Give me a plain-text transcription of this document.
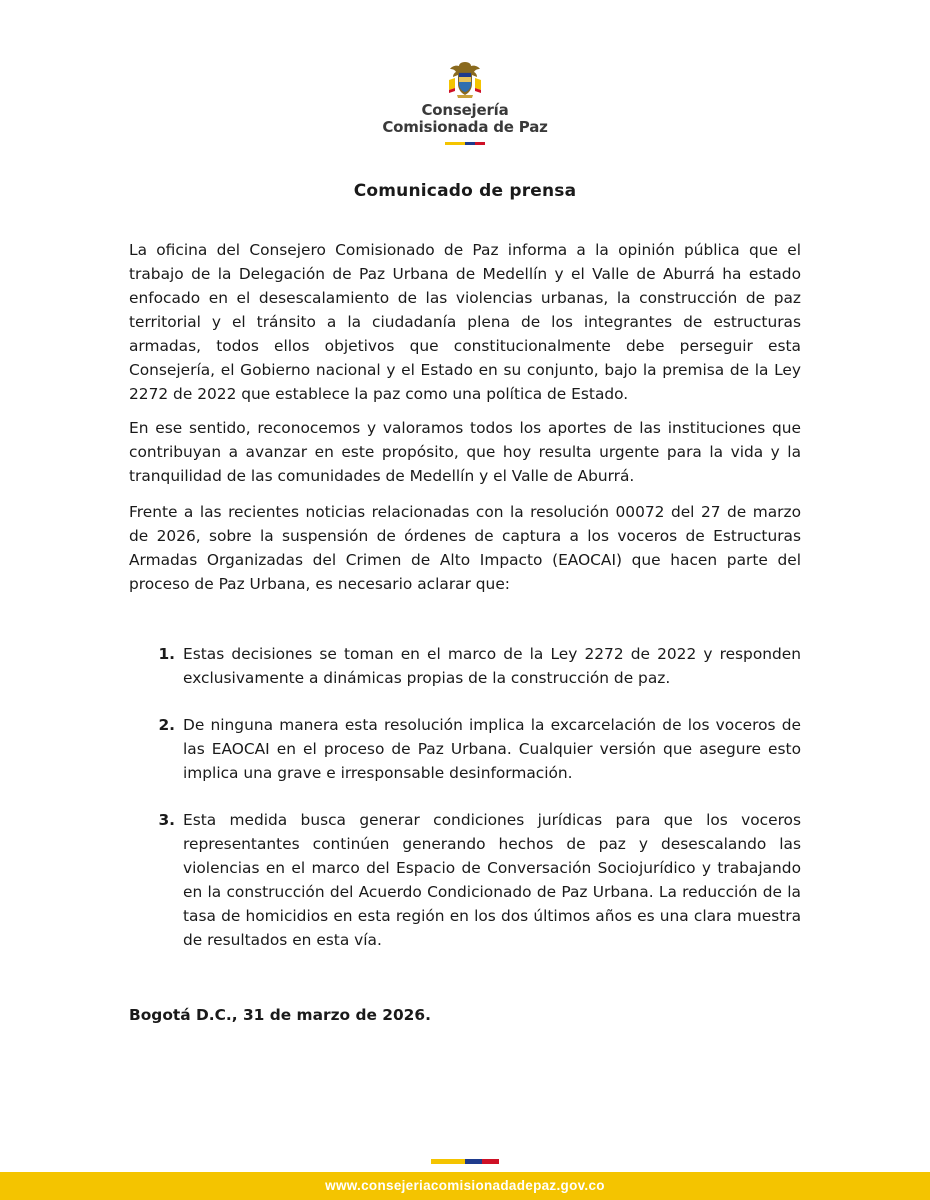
Consejería
Comisionada de Paz
Comunicado de prensa

La oficina del Consejero Comisionado de Paz informa a la opinión pública que el trabajo de la Delegación de Paz Urbana de Medellín y el Valle de Aburrá ha estado enfocado en el desescalamiento de las violencias urbanas, la construcción de paz territorial y el tránsito a la ciudadanía plena de los integrantes de estructuras armadas, todos ellos objetivos que constitucionalmente debe perseguir esta Consejería, el Gobierno nacional y el Estado en su conjunto, bajo la premisa de la Ley 2272 de 2022 que establece la paz como una política de Estado.

En ese sentido, reconocemos y valoramos todos los aportes de las instituciones que contribuyan a avanzar en este propósito, que hoy resulta urgente para la vida y la tranquilidad de las comunidades de Medellín y el Valle de Aburrá.

Frente a las recientes noticias relacionadas con la resolución 00072 del 27 de marzo de 2026, sobre la suspensión de órdenes de captura a los voceros de Estructuras Armadas Organizadas del Crimen de Alto Impacto (EAOCAI) que hacen parte del proceso de Paz Urbana, es necesario aclarar que:

1. Estas decisiones se toman en el marco de la Ley 2272 de 2022 y responden exclusivamente a dinámicas propias de la construcción de paz.
2. De ninguna manera esta resolución implica la excarcelación de los voceros de las EAOCAI en el proceso de Paz Urbana. Cualquier versión que asegure esto implica una grave e irresponsable desinformación.
3. Esta medida busca generar condiciones jurídicas para que los voceros representantes continúen generando hechos de paz y desescalando las violencias en el marco del Espacio de Conversación Sociojurídico y trabajando en la construcción del Acuerdo Condicionado de Paz Urbana. La reducción de la tasa de homicidios en esta región en los dos últimos años es una clara muestra de resultados en esta vía.
Bogotá D.C., 31 de marzo de 2026.
www.consejeriacomisionadadepaz.gov.co
